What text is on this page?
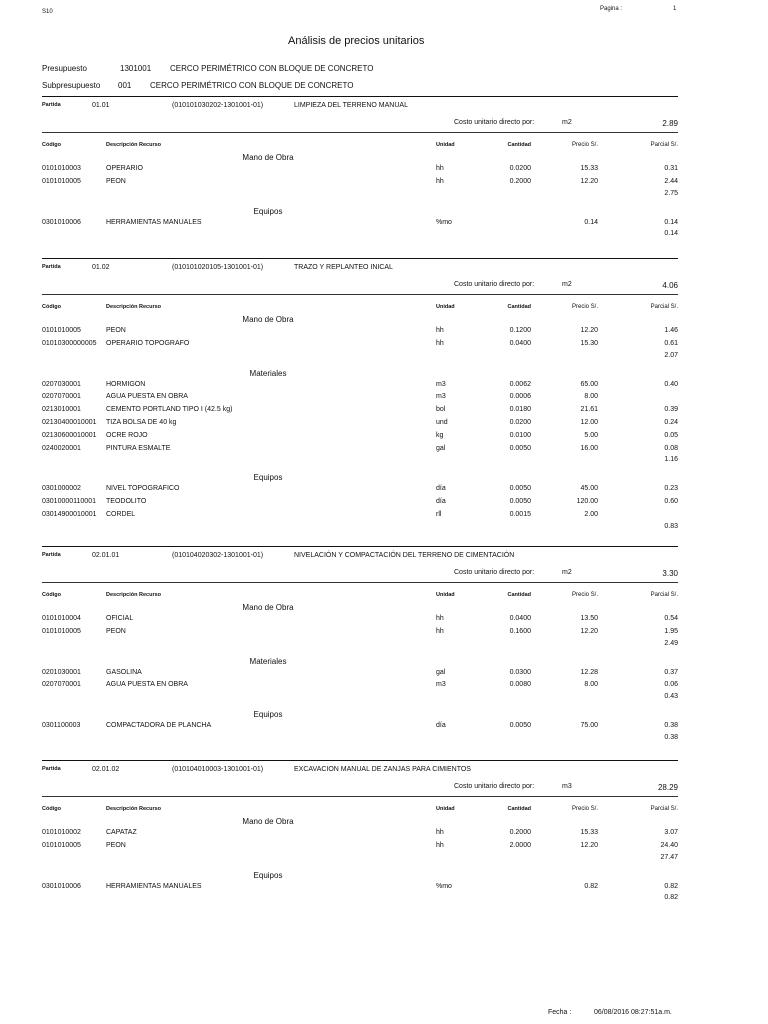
S10	Pagina :	1
Análisis de precios unitarios
Presupuesto	1301001 CERCO PERIMÉTRICO CON BLOQUE DE CONCRETO
Subpresupuesto 001 CERCO PERIMÉTRICO CON BLOQUE DE CONCRETO
Partida	01.01	(010101030202-1301001-01)	LIMPIEZA DEL TERRENO MANUAL
Costo unitario directo por:	m2	2.89
Código	Descripción Recurso	Unidad	Cantidad	Precio S/.	Parcial S/.
Mano de Obra
0101010003	OPERARIO	hh	0.0200	15.33	0.31
0101010005	PEON	hh	0.2000	12.20	2.44
2.75
Equipos
0301010006	HERRAMIENTAS MANUALES	%mo	0.14	0.14
0.14
Partida	01.02	(010101020105-1301001-01)	TRAZO Y REPLANTEO INICAL
Costo unitario directo por:	m2	4.06
Código	Descripción Recurso	Unidad	Cantidad	Precio S/.	Parcial S/.
Mano de Obra
0101010005	PEON	hh	0.1200	12.20	1.46
01010300000005 OPERARIO TOPOGRAFO	hh	0.0400	15.30	0.61
2.07
Materiales
0207030001	HORMIGON	m3	0.0062	65.00	0.40
0207070001	AGUA PUESTA EN OBRA	m3	0.0006	8.00
0213010001	CEMENTO PORTLAND TIPO I (42.5 kg)	bol	0.0180	21.61	0.39
02130400010001 TIZA BOLSA DE 40 kg	und	0.0200	12.00	0.24
02130600010001 OCRE ROJO	kg	0.0100	5.00	0.05
0240020001	PINTURA ESMALTE	gal	0.0050	16.00	0.08
1.16
Equipos
0301000002	NIVEL TOPOGRAFICO	día	0.0050	45.00	0.23
03010000110001 TEODOLITO	día	0.0050	120.00	0.60
03014900010001 CORDEL	rll	0.0015	2.00
0.83
Partida	02.01.01	(010104020302-1301001-01)	NIVELACIÓN Y COMPACTACIÓN DEL TERRENO DE CIMENTACIÓN
Costo unitario directo por:	m2	3.30
Código	Descripción Recurso	Unidad	Cantidad	Precio S/.	Parcial S/.
Mano de Obra
0101010004	OFICIAL	hh	0.0400	13.50	0.54
0101010005	PEON	hh	0.1600	12.20	1.95
2.49
Materiales
0201030001	GASOLINA	gal	0.0300	12.28	0.37
0207070001	AGUA PUESTA EN OBRA	m3	0.0080	8.00	0.06
0.43
Equipos
0301100003	COMPACTADORA DE PLANCHA	día	0.0050	75.00	0.38
0.38
Partida	02.01.02	(010104010003-1301001-01)	EXCAVACION MANUAL DE ZANJAS PARA CIMIENTOS
Costo unitario directo por:	m3	28.29
Código	Descripción Recurso	Unidad	Cantidad	Precio S/.	Parcial S/.
Mano de Obra
0101010002	CAPATAZ	hh	0.2000	15.33	3.07
0101010005	PEON	hh	2.0000	12.20	24.40
27.47
Equipos
0301010006	HERRAMIENTAS MANUALES	%mo	0.82	0.82
0.82
Fecha :	06/08/2016 08:27:51a.m.
